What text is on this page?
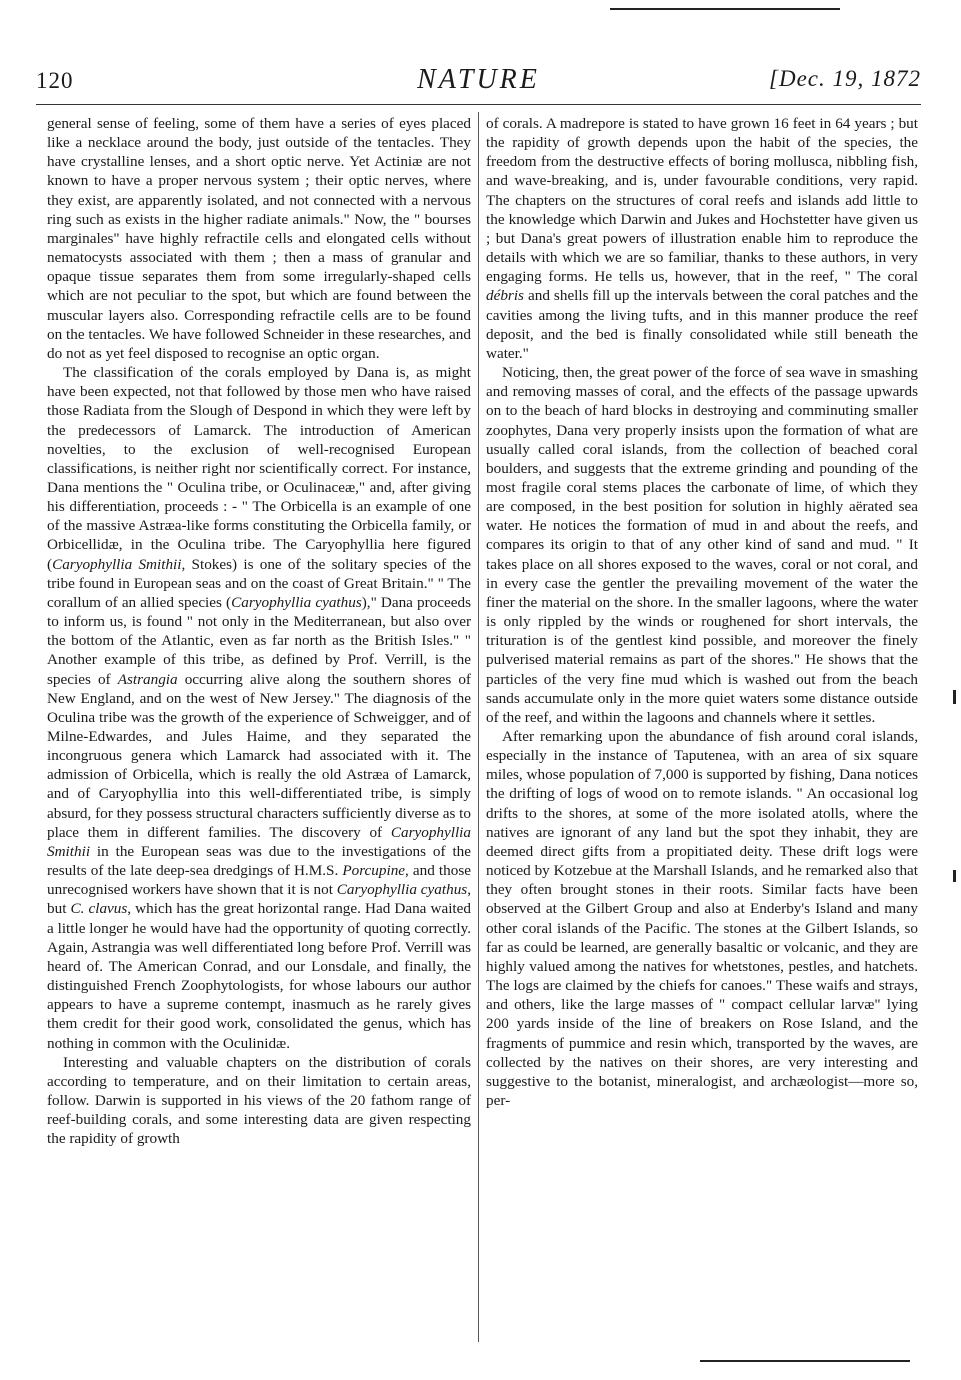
120	NATURE	[Dec. 19, 1872

general sense of feeling, some of them have a series of eyes placed like a necklace around the body, just outside of the tentacles. They have crystalline lenses, and a short optic nerve. Yet Actiniæ are not known to have a proper nervous system ; their optic nerves, where they exist, are apparently isolated, and not connected with a nervous ring such as exists in the higher radiate animals." Now, the " bourses marginales" have highly refractile cells and elongated cells without nematocysts associated with them ; then a mass of granular and opaque tissue separates them from some irregularly-shaped cells which are not peculiar to the spot, but which are found between the muscular layers also. Corresponding refractile cells are to be found on the tentacles. We have followed Schneider in these researches, and do not as yet feel disposed to recognise an optic organ.

The classification of the corals employed by Dana is, as might have been expected, not that followed by those men who have raised those Radiata from the Slough of Despond in which they were left by the predecessors of Lamarck. The introduction of American novelties, to the exclusion of well-recognised European classifications, is neither right nor scientifically correct. For instance, Dana mentions the " Oculina tribe, or Oculinaceæ," and, after giving his differentiation, proceeds : - " The Orbicella is an example of one of the massive Astræa-like forms constituting the Orbicella family, or Orbicellidæ, in the Oculina tribe. The Caryophyllia here figured (Caryophyllia Smithii, Stokes) is one of the solitary species of the tribe found in European seas and on the coast of Great Britain." " The corallum of an allied species (Caryophyllia cyathus)," Dana proceeds to inform us, is found " not only in the Mediterranean, but also over the bottom of the Atlantic, even as far north as the British Isles." " Another example of this tribe, as defined by Prof. Verrill, is the species of Astrangia occurring alive along the southern shores of New England, and on the west of New Jersey." The diagnosis of the Oculina tribe was the growth of the experience of Schweigger, and of Milne-Edwardes, and Jules Haime, and they separated the incongruous genera which Lamarck had associated with it. The admission of Orbicella, which is really the old Astræa of Lamarck, and of Caryophyllia into this well-differentiated tribe, is simply absurd, for they possess structural characters sufficiently diverse as to place them in different families. The discovery of Caryophyllia Smithii in the European seas was due to the investigations of the results of the late deep-sea dredgings of H.M.S. Porcupine, and those unrecognised workers have shown that it is not Caryophyllia cyathus, but C. clavus, which has the great horizontal range. Had Dana waited a little longer he would have had the opportunity of quoting correctly. Again, Astrangia was well differentiated long before Prof. Verrill was heard of. The American Conrad, and our Lonsdale, and finally, the distinguished French Zoophytologists, for whose labours our author appears to have a supreme contempt, inasmuch as he rarely gives them credit for their good work, consolidated the genus, which has nothing in common with the Oculinidæ.

Interesting and valuable chapters on the distribution of corals according to temperature, and on their limitation to certain areas, follow. Darwin is supported in his views of the 20 fathom range of reef-building corals, and some interesting data are given respecting the rapidity of growth

of corals. A madrepore is stated to have grown 16 feet in 64 years ; but the rapidity of growth depends upon the habit of the species, the freedom from the destructive effects of boring mollusca, nibbling fish, and wave-breaking, and is, under favourable conditions, very rapid. The chapters on the structures of coral reefs and islands add little to the knowledge which Darwin and Jukes and Hochstetter have given us ; but Dana's great powers of illustration enable him to reproduce the details with which we are so familiar, thanks to these authors, in very engaging forms. He tells us, however, that in the reef, " The coral débris and shells fill up the intervals between the coral patches and the cavities among the living tufts, and in this manner produce the reef deposit, and the bed is finally consolidated while still beneath the water."

Noticing, then, the great power of the force of sea wave in smashing and removing masses of coral, and the effects of the passage upwards on to the beach of hard blocks in destroying and comminuting smaller zoophytes, Dana very properly insists upon the formation of what are usually called coral islands, from the collection of beached coral boulders, and suggests that the extreme grinding and pounding of the most fragile coral stems places the carbonate of lime, of which they are composed, in the best position for solution in highly aërated sea water. He notices the formation of mud in and about the reefs, and compares its origin to that of any other kind of sand and mud. " It takes place on all shores exposed to the waves, coral or not coral, and in every case the gentler the prevailing movement of the water the finer the material on the shore. In the smaller lagoons, where the water is only rippled by the winds or roughened for short intervals, the trituration is of the gentlest kind possible, and moreover the finely pulverised material remains as part of the shores." He shows that the particles of the very fine mud which is washed out from the beach sands accumulate only in the more quiet waters some distance outside of the reef, and within the lagoons and channels where it settles.

After remarking upon the abundance of fish around coral islands, especially in the instance of Taputenea, with an area of six square miles, whose population of 7,000 is supported by fishing, Dana notices the drifting of logs of wood on to remote islands. " An occasional log drifts to the shores, at some of the more isolated atolls, where the natives are ignorant of any land but the spot they inhabit, they are deemed direct gifts from a propitiated deity. These drift logs were noticed by Kotzebue at the Marshall Islands, and he remarked also that they often brought stones in their roots. Similar facts have been observed at the Gilbert Group and also at Enderby's Island and many other coral islands of the Pacific. The stones at the Gilbert Islands, so far as could be learned, are generally basaltic or volcanic, and they are highly valued among the natives for whetstones, pestles, and hatchets. The logs are claimed by the chiefs for canoes." These waifs and strays, and others, like the large masses of " compact cellular larvæ" lying 200 yards inside of the line of breakers on Rose Island, and the fragments of pummice and resin which, transported by the waves, are collected by the natives on their shores, are very interesting and suggestive to the botanist, mineralogist, and archæologist—more so, per-
